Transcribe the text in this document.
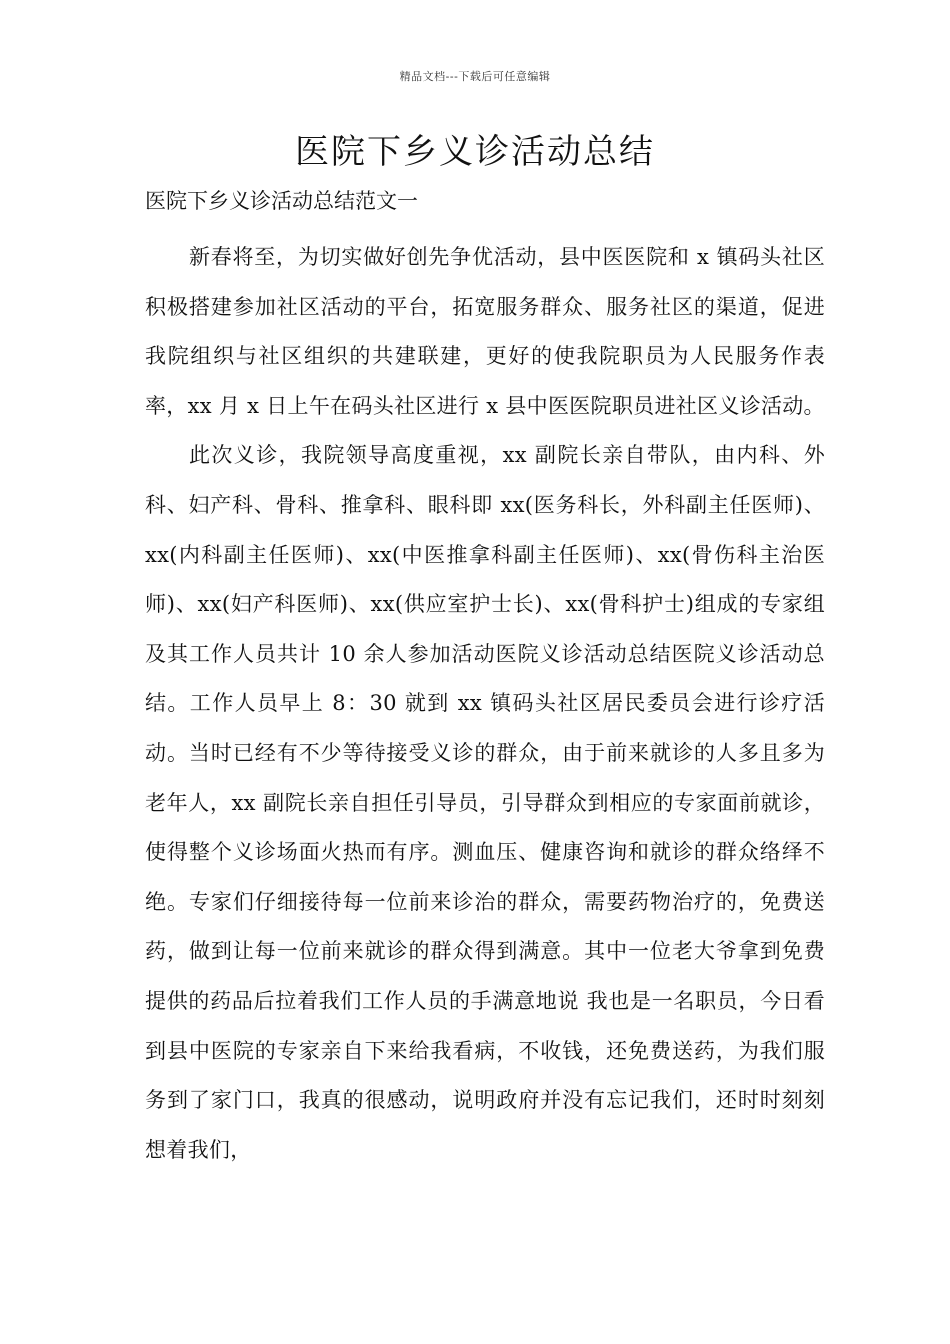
精品文档---下载后可任意编辑
医院下乡义诊活动总结

医院下乡义诊活动总结范文一

新春将至，为切实做好创先争优活动，县中医医院和 x 镇码头社区积极搭建参加社区活动的平台，拓宽服务群众、服务社区的渠道，促进我院组织与社区组织的共建联建，更好的使我院职员为人民服务作表率，xx 月 x 日上午在码头社区进行 x 县中医医院职员进社区义诊活动。

此次义诊，我院领导高度重视，xx 副院长亲自带队，由内科、外科、妇产科、骨科、推拿科、眼科即 xx(医务科长，外科副主任医师)、xx(内科副主任医师)、xx(中医推拿科副主任医师)、xx(骨伤科主治医师)、xx(妇产科医师)、xx(供应室护士长)、xx(骨科护士)组成的专家组及其工作人员共计 10 余人参加活动医院义诊活动总结医院义诊活动总结。工作人员早上 8：30 就到 xx 镇码头社区居民委员会进行诊疗活动。当时已经有不少等待接受义诊的群众，由于前来就诊的人多且多为老年人，xx 副院长亲自担任引导员，引导群众到相应的专家面前就诊，使得整个义诊场面火热而有序。测血压、健康咨询和就诊的群众络绎不绝。专家们仔细接待每一位前来诊治的群众，需要药物治疗的，免费送药，做到让每一位前来就诊的群众得到满意。其中一位老大爷拿到免费提供的药品后拉着我们工作人员的手满意地说 我也是一名职员，今日看到县中医院的专家亲自下来给我看病，不收钱，还免费送药，为我们服务到了家门口，我真的很感动，说明政府并没有忘记我们，还时时刻刻想着我们，
